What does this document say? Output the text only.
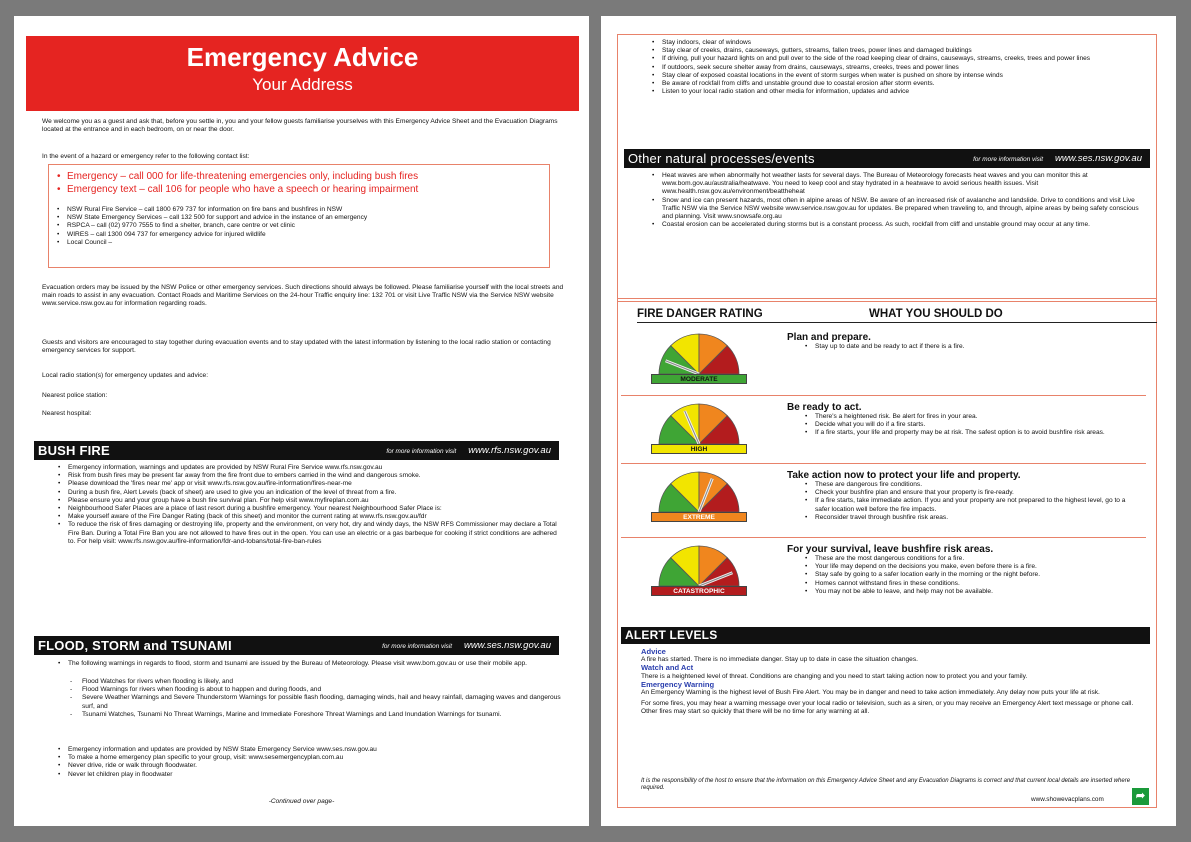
Emergency Advice
Your Address
We welcome you as a guest and ask that, before you settle in, you and your fellow guests familiarise yourselves with this Emergency Advice Sheet and the Evacuation Diagrams located at the entrance and in each bedroom, on or near the door.
In the event of a hazard or emergency refer to the following contact list:
• Emergency – call 000 for life-threatening emergencies only, including bush fires
• Emergency text – call 106 for people who have a speech or hearing impairment
• NSW Rural Fire Service – call 1800 679 737 for information on fire bans and bushfires in NSW
• NSW State Emergency Services – call 132 500 for support and advice in the instance of an emergency
• RSPCA – call (02) 9770 7555 to find a shelter, branch, care centre or vet clinic
• WIRES – call 1300 094 737 for emergency advice for injured wildlife
• Local Council –
Evacuation orders may be issued by the NSW Police or other emergency services. Such directions should always be followed. Please familiarise yourself with the local streets and main roads to assist in any evacuation. Contact Roads and Maritime Services on the 24-hour Traffic enquiry line: 132 701 or visit Live Traffic NSW via the Service NSW website www.service.nsw.gov.au for information regarding roads.
Guests and visitors are encouraged to stay together during evacuation events and to stay updated with the latest information by listening to the local radio station or contacting emergency services for support.
Local radio station(s) for emergency updates and advice:
Nearest police station:
Nearest hospital:
BUSH FIRE	for more information visit www.rfs.nsw.gov.au
• Emergency information, warnings and updates are provided by NSW Rural Fire Service www.rfs.nsw.gov.au
• Risk from bush fires may be present far away from the fire front due to embers carried in the wind and dangerous smoke.
• Please download the 'fires near me' app or visit www.rfs.nsw.gov.au/fire-information/fires-near-me
• During a bush fire, Alert Levels (back of sheet) are used to give you an indication of the level of threat from a fire.
• Please ensure you and your group have a bush fire survival plan. For help visit www.myfireplan.com.au
• Neighbourhood Safer Places are a place of last resort during a bushfire emergency. Your nearest Neighbourhood Safer Place is:
• Make yourself aware of the Fire Danger Rating (back of this sheet) and monitor the current rating at www.rfs.nsw.gov.au/fdr
• To reduce the risk of fires damaging or destroying life, property and the environment, on very hot, dry and windy days, the NSW RFS Commissioner may declare a Total Fire Ban. During a Total Fire Ban you are not allowed to have fires out in the open. You can use an electric or a gas barbeque for cooking if strict conditions are adhered to. For help visit: www.rfs.nsw.gov.au/fire-information/fdr-and-tobans/total-fire-ban-rules
FLOOD, STORM and TSUNAMI	for more information visit www.ses.nsw.gov.au
• The following warnings in regards to flood, storm and tsunami are issued by the Bureau of Meteorology. Please visit www.bom.gov.au or use their mobile app.
- Flood Watches for rivers when flooding is likely, and
- Flood Warnings for rivers when flooding is about to happen and during floods, and
- Severe Weather Warnings and Severe Thunderstorm Warnings for possible flash flooding, damaging winds, hail and heavy rainfall, damaging waves and dangerous surf, and
- Tsunami Watches, Tsunami No Threat Warnings, Marine and Immediate Foreshore Threat Warnings and Land Inundation Warnings for tsunami.
• Emergency information and updates are provided by NSW State Emergency Service www.ses.nsw.gov.au
• To make a home emergency plan specific to your group, visit: www.sesemergencyplan.com.au
• Never drive, ride or walk through floodwater.
• Never let children play in floodwater
-Continued over page-
• Stay indoors, clear of windows
• Stay clear of creeks, drains, causeways, gutters, streams, fallen trees, power lines and damaged buildings
• If driving, pull your hazard lights on and pull over to the side of the road keeping clear of drains, causeways, streams, creeks, trees and power lines
• If outdoors, seek secure shelter away from drains, causeways, streams, creeks, trees and power lines
• Stay clear of exposed coastal locations in the event of storm surges when water is pushed on shore by intense winds
• Be aware of rockfall from cliffs and unstable ground due to coastal erosion after storm events.
• Listen to your local radio station and other media for information, updates and advice
Other natural processes/events	for more information visit www.ses.nsw.gov.au
• Heat waves are when abnormally hot weather lasts for several days. The Bureau of Meteorology forecasts heat waves and you can monitor this at www.bom.gov.au/australia/heatwave. You need to keep cool and stay hydrated in a heatwave to avoid serious health issues. Visit www.health.nsw.gov.au/environment/beattheheat
• Snow and ice can present hazards, most often in alpine areas of NSW. Be aware of an increased risk of avalanche and landslide. Drive to conditions and visit Live Traffic NSW via the Service NSW website www.service.nsw.gov.au for updates. Be prepared when traveling to, and through, alpine areas by being safety conscious and planning. Visit www.snowsafe.org.au
• Coastal erosion can be accelerated during storms but is a constant process. As such, rockfall from cliff and unstable ground may occur at any time.
FIRE DANGER RATING	WHAT YOU SHOULD DO
MODERATE
Plan and prepare.
• Stay up to date and be ready to act if there is a fire.
HIGH
Be ready to act.
• There's a heightened risk. Be alert for fires in your area.
• Decide what you will do if a fire starts.
• If a fire starts, your life and property may be at risk. The safest option is to avoid bushfire risk areas.
EXTREME
Take action now to protect your life and property.
• These are dangerous fire conditions.
• Check your bushfire plan and ensure that your property is fire-ready.
• If a fire starts, take immediate action. If you and your property are not prepared to the highest level, go to a safer location well before the fire impacts.
• Reconsider travel through bushfire risk areas.
CATASTROPHIC
For your survival, leave bushfire risk areas.
• These are the most dangerous conditions for a fire.
• Your life may depend on the decisions you make, even before there is a fire.
• Stay safe by going to a safer location early in the morning or the night before.
• Homes cannot withstand fires in these conditions.
• You may not be able to leave, and help may not be available.
ALERT LEVELS
Advice
A fire has started. There is no immediate danger. Stay up to date in case the situation changes.
Watch and Act
There is a heightened level of threat. Conditions are changing and you need to start taking action now to protect you and your family.
Emergency Warning
An Emergency Warning is the highest level of Bush Fire Alert. You may be in danger and need to take action immediately. Any delay now puts your life at risk.
For some fires, you may hear a warning message over your local radio or television, such as a siren, or you may receive an Emergency Alert text message or phone call. Other fires may start so quickly that there will be no time for any warning at all.
It is the responsibility of the host to ensure that the information on this Emergency Advice Sheet and any Evacuation Diagrams is correct and that current local details are inserted where required.
www.showevacplans.com	➦
